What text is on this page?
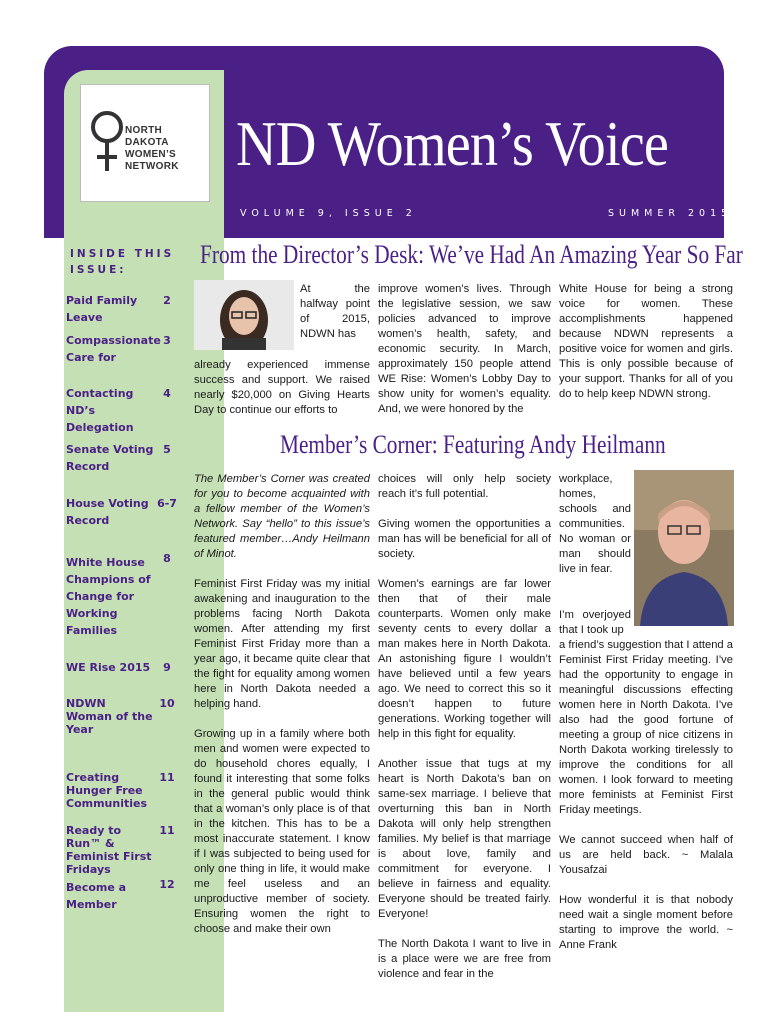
NORTH
DAKOTA
WOMEN’S
NETWORK ND Women’s Voice
VOLUME 9, ISSUE 2	SUMMER 2015
INSIDE THIS
ISSUE:
Paid Family Leave
2
Compassionate Care for
3
Contacting ND’s Delegation
4
Senate Voting Record
5
House Voting Record
6-7
White House Champions of Change for Working Families
8
WE Rise 2015	9
NDWN Woman of the Year
10
Creating Hunger Free Communities
11
Ready to Run™ & Feminist First Fridays
11
Become a Member
12
From the Director’s Desk: We’ve Had An Amazing Year So Far
At the halfway point of 2015, NDWN has
already experienced immense success and support. We raised nearly $20,000 on Giving Hearts Day to continue our efforts to
improve women’s lives. Through the legislative session, we saw policies advanced to improve women’s health, safety, and economic security. In March, approximately 150 people attend WE Rise: Women’s Lobby Day to show unity for women’s equality. And, we were honored by the
White House for being a strong voice for women. These accomplishments happened because NDWN represents a positive voice for women and girls. This is only possible because of your support. Thanks for all of you do to help keep NDWN strong.
Member’s Corner: Featuring Andy Heilmann

The Member’s Corner was created for you to become acquainted with a fellow member of the Women’s Network. Say “hello” to this issue’s featured member…Andy Heilmann of Minot.

Feminist First Friday was my initial awakening and inauguration to the problems facing North Dakota women. After attending my first Feminist First Friday more than a year ago, it became quite clear that the fight for equality among women here in North Dakota needed a helping hand.

Growing up in a family where both men and women were expected to do household chores equally, I found it interesting that some folks in the general public would think that a woman’s only place is of that in the kitchen. This has to be a most inaccurate statement. I know if I was subjected to being used for only one thing in life, it would make me feel useless and an unproductive member of society. Ensuring women the right to choose and make their own

choices will only help society reach it’s full potential.

Giving women the opportunities a man has will be beneficial for all of society.

Women’s earnings are far lower then that of their male counterparts. Women only make seventy cents to every dollar a man makes here in North Dakota. An astonishing figure I wouldn’t have believed until a few years ago. We need to correct this so it doesn’t happen to future generations. Working together will help in this fight for equality.

Another issue that tugs at my heart is North Dakota’s ban on same-sex marriage. I believe that overturning this ban in North Dakota will only help strengthen families. My belief is that marriage is about love, family and commitment for everyone. I believe in fairness and equality. Everyone should be treated fairly. Everyone!

The North Dakota I want to live in is a place were we are free from violence and fear in the

workplace, homes, schools and communities. No woman or man should live in fear.
I’m overjoyed that I took up

a friend’s suggestion that I attend a Feminist First Friday meeting. I’ve had the opportunity to engage in meaningful discussions effecting women here in North Dakota. I’ve also had the good fortune of meeting a group of nice citizens in North Dakota working tirelessly to improve the conditions for all women. I look forward to meeting more feminists at Feminist First Friday meetings.

We cannot succeed when half of us are held back. ~ Malala Yousafzai

How wonderful it is that nobody need wait a single moment before starting to improve the world. ~ Anne Frank
